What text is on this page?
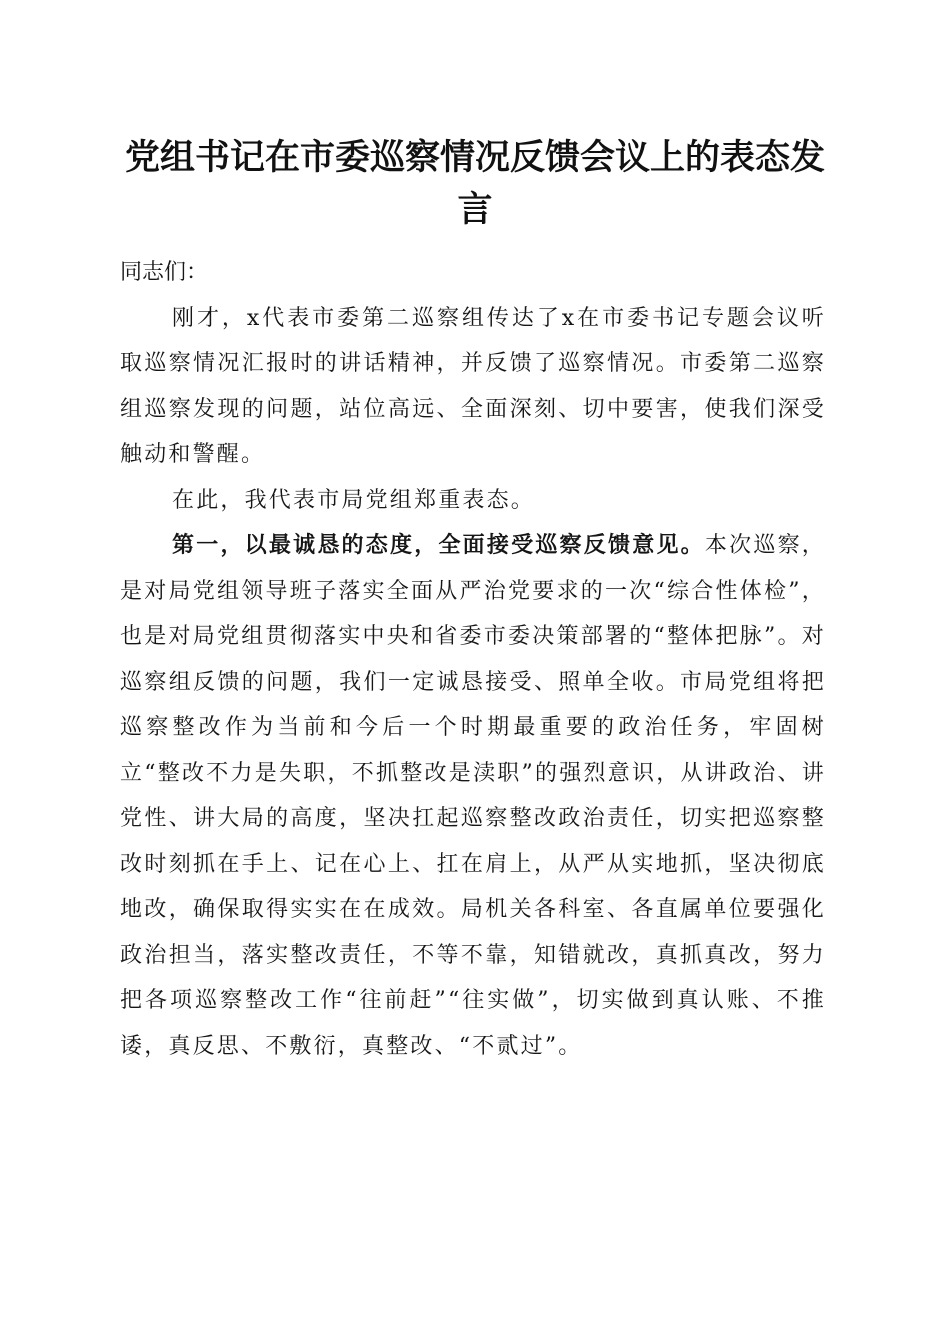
党组书记在市委巡察情况反馈会议上的表态发言

同志们：

刚才，x代表市委第二巡察组传达了x在市委书记专题会议听取巡察情况汇报时的讲话精神，并反馈了巡察情况。市委第二巡察组巡察发现的问题，站位高远、全面深刻、切中要害，使我们深受触动和警醒。

在此，我代表市局党组郑重表态。

第一，以最诚恳的态度，全面接受巡察反馈意见。本次巡察，是对局党组领导班子落实全面从严治党要求的一次“综合性体检”，也是对局党组贯彻落实中央和省委市委决策部署的“整体把脉”。对巡察组反馈的问题，我们一定诚恳接受、照单全收。市局党组将把巡察整改作为当前和今后一个时期最重要的政治任务，牢固树立“整改不力是失职，不抓整改是渎职”的强烈意识，从讲政治、讲党性、讲大局的高度，坚决扛起巡察整改政治责任，切实把巡察整改时刻抓在手上、记在心上、扛在肩上，从严从实地抓，坚决彻底地改，确保取得实实在在成效。局机关各科室、各直属单位要强化政治担当，落实整改责任，不等不靠，知错就改，真抓真改，努力把各项巡察整改工作“往前赶”“往实做”，切实做到真认账、不推诿，真反思、不敷衍，真整改、“不贰过”。
